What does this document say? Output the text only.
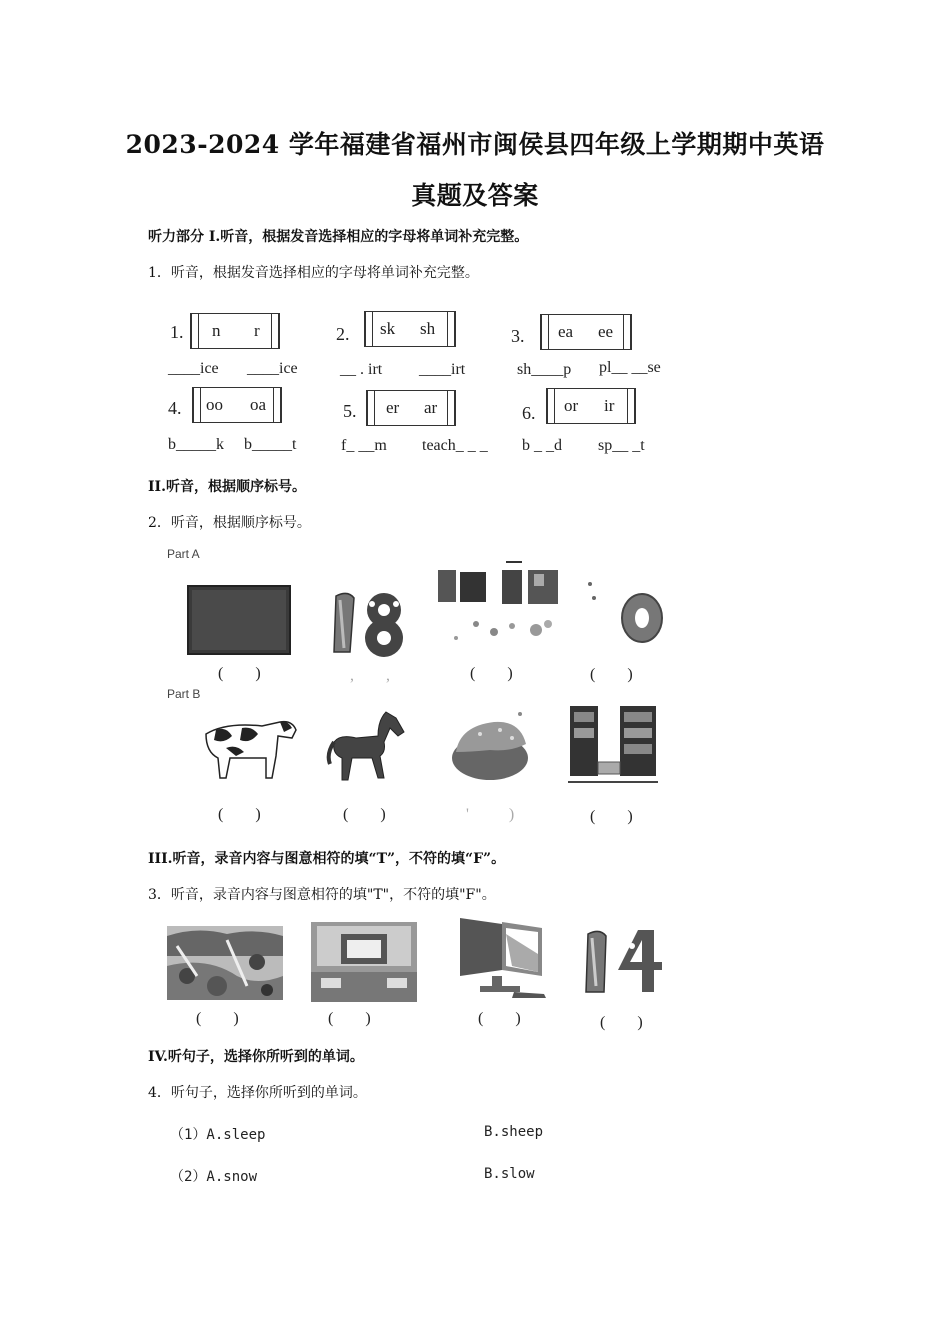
2023-2024 学年福建省福州市闽侯县四年级上学期期中英语
真题及答案
听力部分 I.听音，根据发音选择相应的字母将单词补充完整。
1．听音，根据发音选择相应的字母将单词补充完整。
1. n r
____ice ____ice
2. sk sh
__ . irt ____irt
3. ea ee
sh____p pl__ __se
4. oo oa
b_____k b_____t
5. er ar
f_ __m teach_ _ _
6. or ir
b _ _d sp__ _t
II.听音，根据顺序标号。
2．听音，根据顺序标号。
Part A
(        )	,        ,	(        )	(        )
Part B
(        )	(        )	'          )	(        )
III.听音，录音内容与图意相符的填“T”，不符的填“F”。
3．听音，录音内容与图意相符的填"T"，不符的填"F"。
(        )	(        )	(        )	(        )
IV.听句子，选择你所听到的单词。
4．听句子，选择你所听到的单词。
（1）A.sleep	B.sheep
（2）A.snow	B.slow
